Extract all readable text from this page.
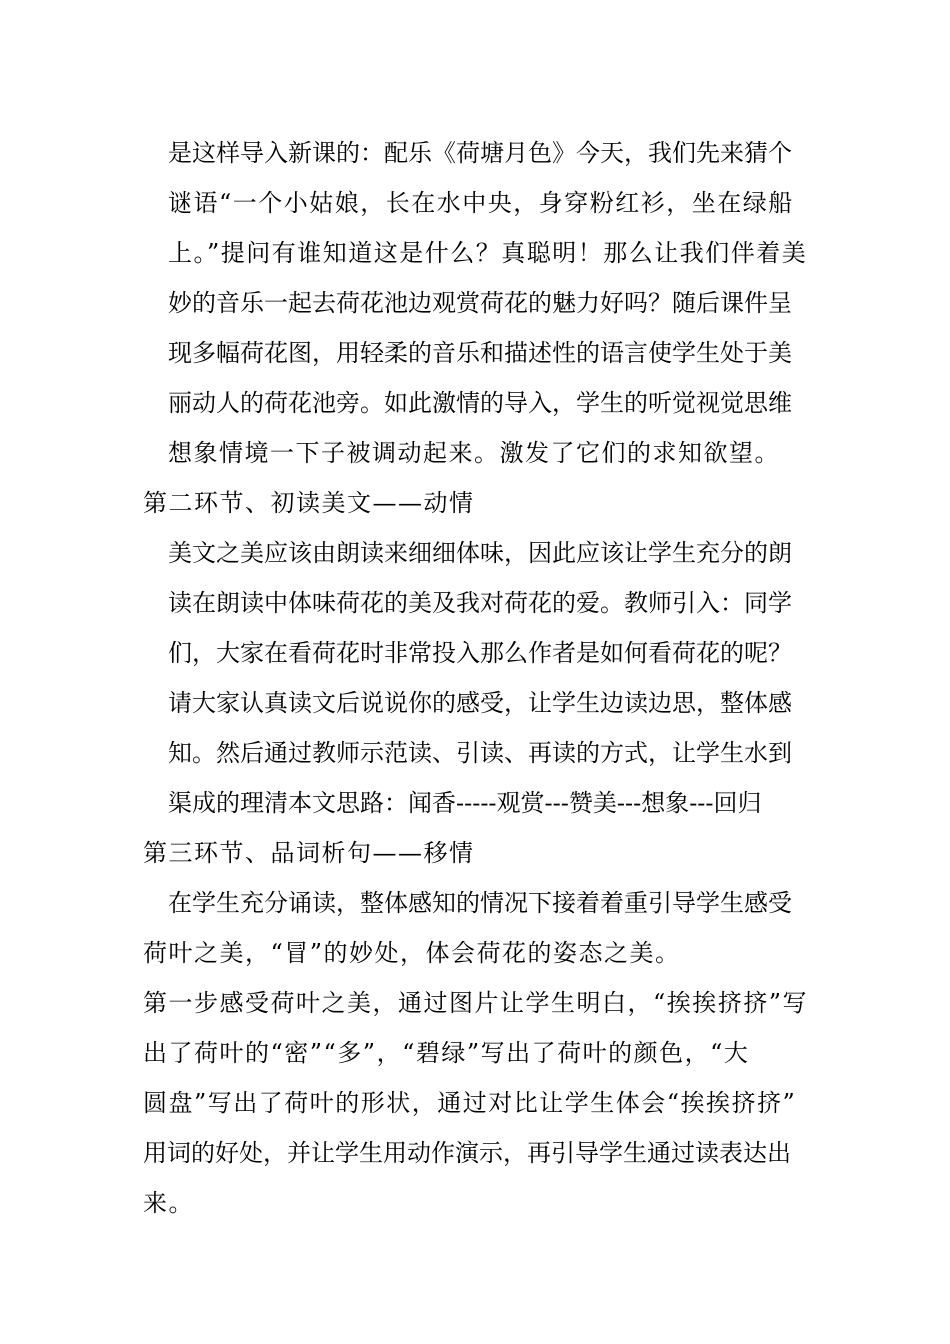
是这样导入新课的：配乐《荷塘月色》今天，我们先来猜个
谜语“一个小姑娘，长在水中央，身穿粉红衫，坐在绿船
上。”提问有谁知道这是什么？真聪明！那么让我们伴着美
妙的音乐一起去荷花池边观赏荷花的魅力好吗？随后课件呈
现多幅荷花图，用轻柔的音乐和描述性的语言使学生处于美
丽动人的荷花池旁。如此激情的导入，学生的听觉视觉思维
想象情境一下子被调动起来。激发了它们的求知欲望。
第二环节、初读美文——动情
美文之美应该由朗读来细细体味，因此应该让学生充分的朗
读在朗读中体味荷花的美及我对荷花的爱。教师引入：同学
们，大家在看荷花时非常投入那么作者是如何看荷花的呢？
请大家认真读文后说说你的感受，让学生边读边思，整体感
知。然后通过教师示范读、引读、再读的方式，让学生水到
渠成的理清本文思路：闻香-----观赏---赞美---想象---回归
第三环节、品词析句——移情
在学生充分诵读，整体感知的情况下接着着重引导学生感受
荷叶之美，“冒”的妙处，体会荷花的姿态之美。
第一步感受荷叶之美，通过图片让学生明白，“挨挨挤挤”写
出了荷叶的“密”“多”，“碧绿”写出了荷叶的颜色，“大
圆盘”写出了荷叶的形状，通过对比让学生体会“挨挨挤挤”
用词的好处，并让学生用动作演示，再引导学生通过读表达出
来。
